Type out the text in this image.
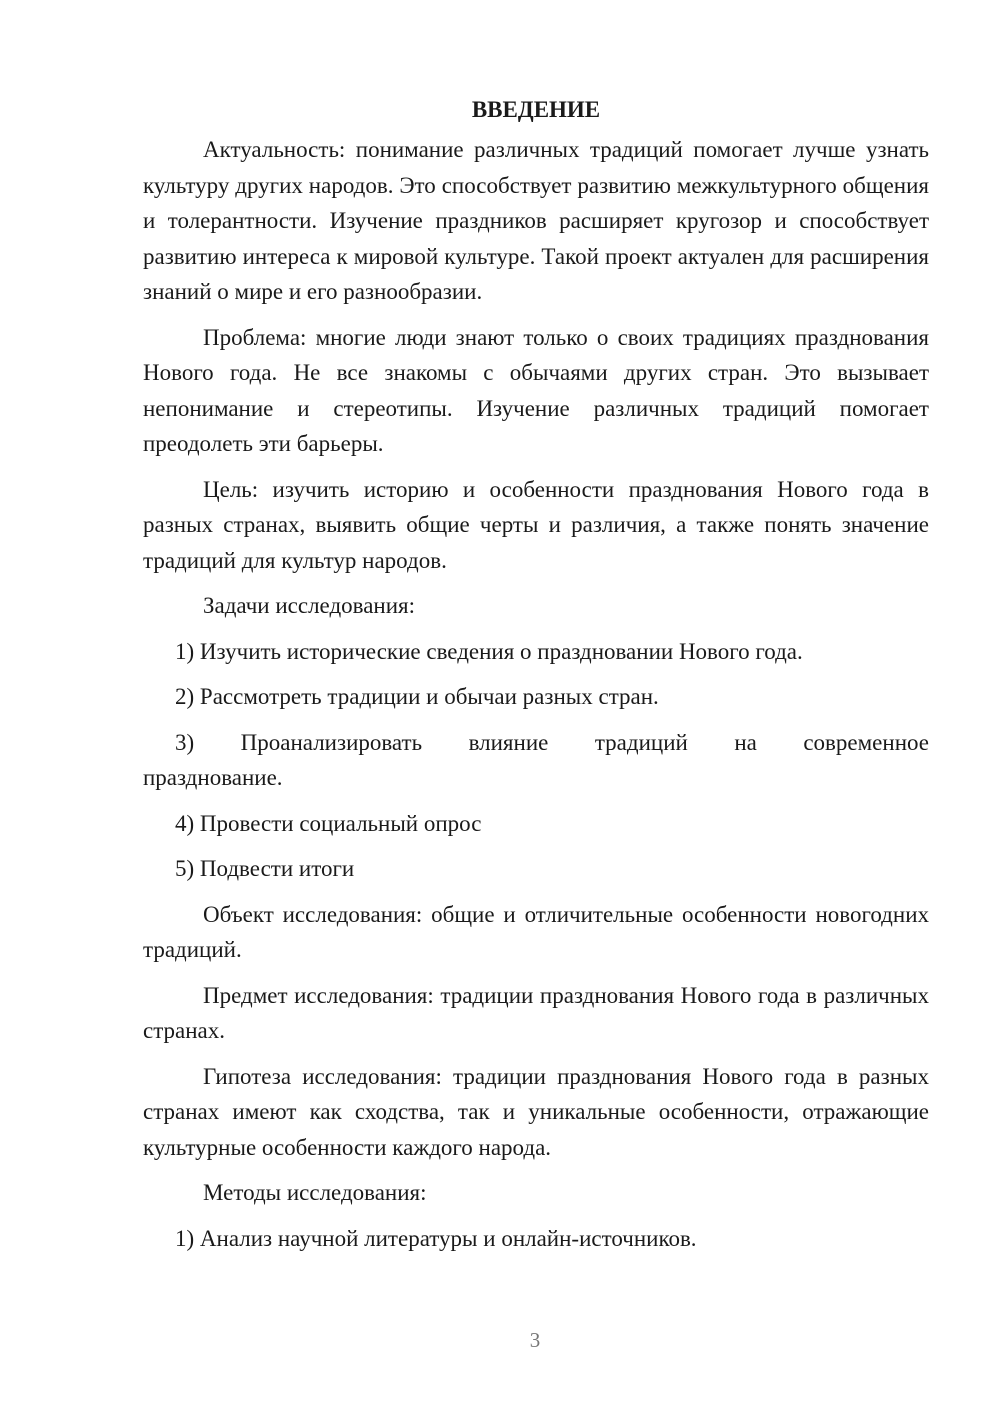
ВВЕДЕНИЕ
Актуальность: понимание различных традиций помогает лучше узнать культуру других народов. Это способствует развитию межкультурного общения и толерантности. Изучение праздников расширяет кругозор и способствует развитию интереса к мировой культуре. Такой проект актуален для расширения знаний о мире и его разнообразии.
Проблема: многие люди знают только о своих традициях празднования Нового года. Не все знакомы с обычаями других стран. Это вызывает непонимание и стереотипы. Изучение различных традиций помогает преодолеть эти барьеры.
Цель: изучить историю и особенности празднования Нового года в разных странах, выявить общие черты и различия, а также понять значение традиций для культур народов.
Задачи исследования:
1) Изучить исторические сведения о праздновании Нового года.
2) Рассмотреть традиции и обычаи разных стран.
3) Проанализировать влияние традиций на современное празднование.
4) Провести социальный опрос
5) Подвести итоги
Объект исследования: общие и отличительные особенности новогодних традиций.
Предмет исследования: традиции празднования Нового года в различных странах.
Гипотеза исследования: традиции празднования Нового года в разных странах имеют как сходства, так и уникальные особенности, отражающие культурные особенности каждого народа.
Методы исследования:
1) Анализ научной литературы и онлайн-источников.
3
